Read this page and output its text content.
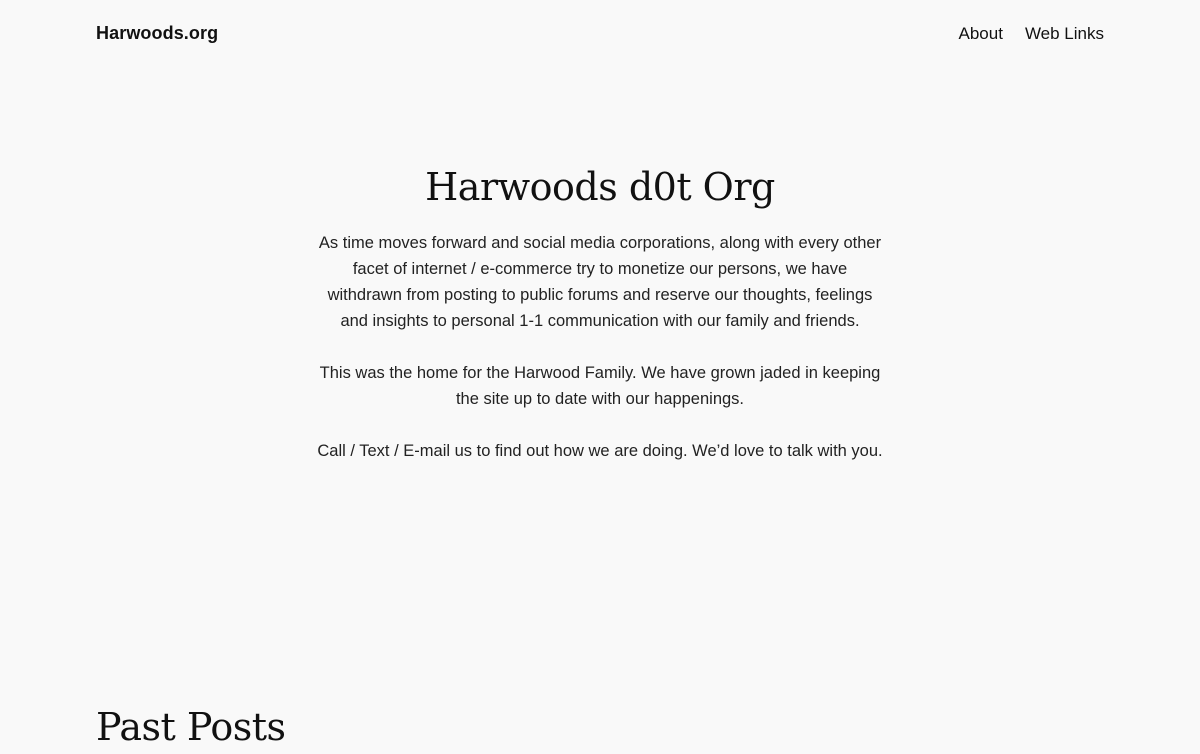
Harwoods.org	About Web Links
Harwoods d0t Org

As time moves forward and social media corporations, along with every other facet of internet / e-commerce try to monetize our persons, we have withdrawn from posting to public forums and reserve our thoughts, feelings and insights to personal 1-1 communication with our family and friends.

This was the home for the Harwood Family. We have grown jaded in keeping the site up to date with our happenings.

Call / Text / E-mail us to find out how we are doing. We’d love to talk with you.

Past Posts
